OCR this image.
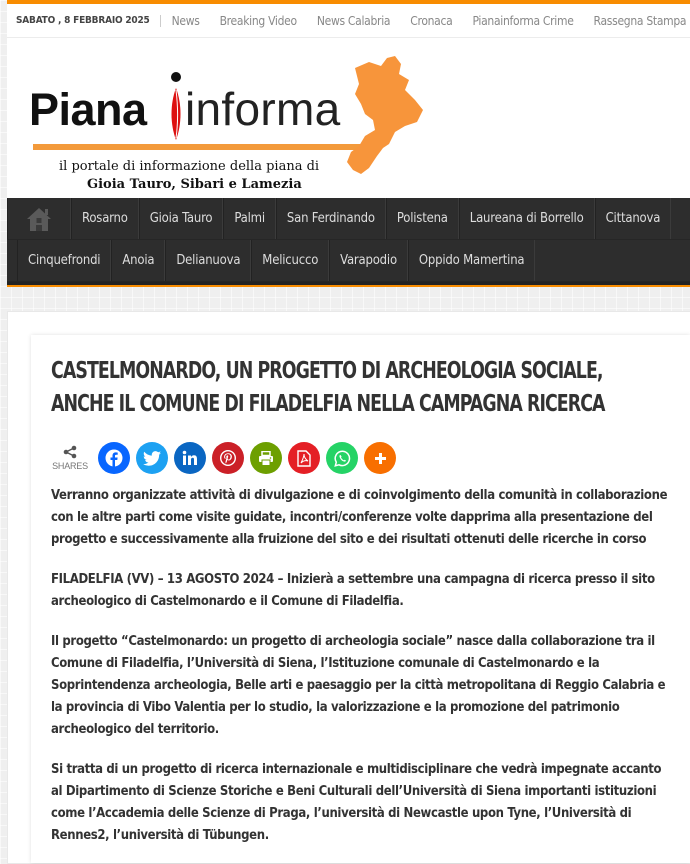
SABATO , 8 FEBBRAIO 2025	News Breaking Video News Calabria Cronaca Pianainforma Crime Rassegna Stampa
Piana informa
il portale di informazione della piana di
Gioia Tauro, Sibari e Lamezia
Rosarno	Gioia Tauro	Palmi	San Ferdinando	Polistena	Laureana di Borrello	Cittanova
Cinquefrondi	Anoia	Delianuova	Melicucco	Varapodio	Oppido Mamertina
CASTELMONARDO, UN PROGETTO DI ARCHEOLOGIA SOCIALE, ANCHE IL COMUNE DI FILADELFIA NELLA CAMPAGNA RICERCA
SHARES

Verranno organizzate attività di divulgazione e di coinvolgimento della comunità in collaborazione con le altre parti come visite guidate, incontri/conferenze volte dapprima alla presentazione del progetto e successivamente alla fruizione del sito e dei risultati ottenuti delle ricerche in corso

FILADELFIA (VV) – 13 AGOSTO 2024 – Inizierà a settembre una campagna di ricerca presso il sito archeologico di Castelmonardo e il Comune di Filadelfia.

Il progetto “Castelmonardo: un progetto di archeologia sociale” nasce dalla collaborazione tra il Comune di Filadelfia, l’Università di Siena, l’Istituzione comunale di Castelmonardo e la Soprintendenza archeologia, Belle arti e paesaggio per la città metropolitana di Reggio Calabria e la provincia di Vibo Valentia per lo studio, la valorizzazione e la promozione del patrimonio archeologico del territorio.

Si tratta di un progetto di ricerca internazionale e multidisciplinare che vedrà impegnate accanto al Dipartimento di Scienze Storiche e Beni Culturali dell’Università di Siena importanti istituzioni come l’Accademia delle Scienze di Praga, l’università di Newcastle upon Tyne, l’Università di Rennes2, l’università di Tübungen.
